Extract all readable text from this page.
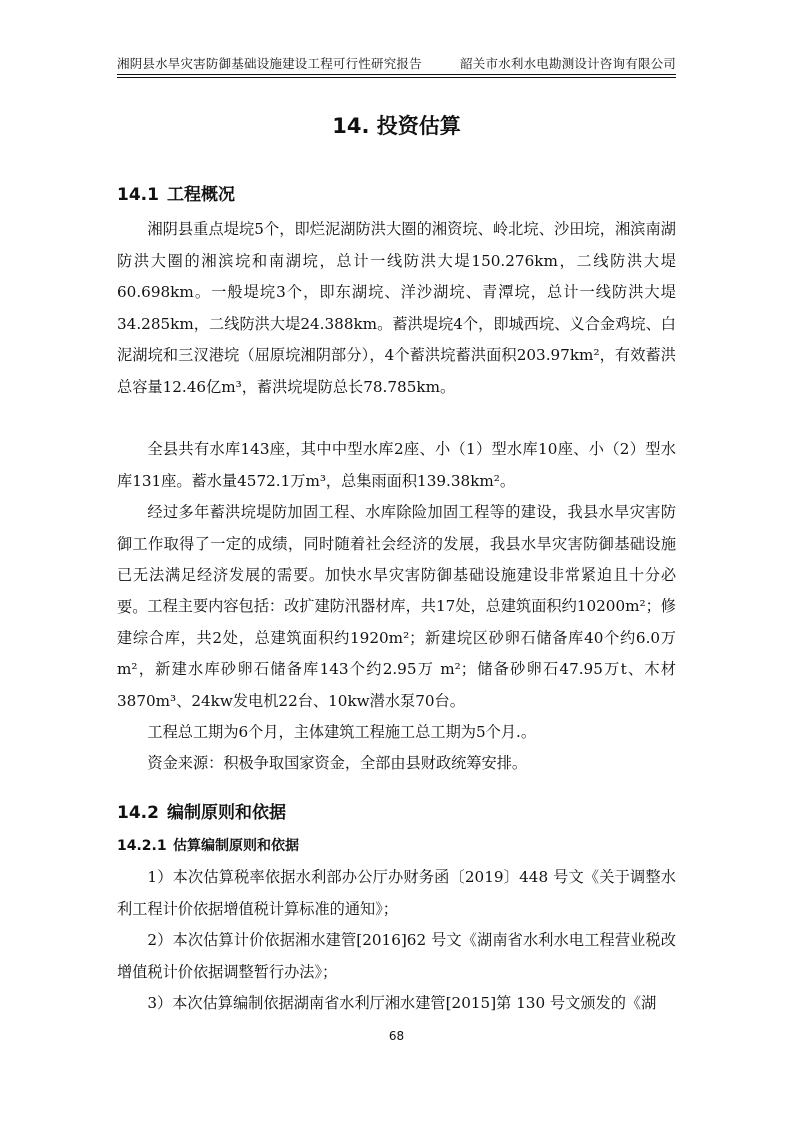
湘阴县水旱灾害防御基础设施建设工程可行性研究报告	韶关市水利水电勘测设计咨询有限公司
14. 投资估算
14.1 工程概况

湘阴县重点堤垸5个，即烂泥湖防洪大圈的湘资垸、岭北垸、沙田垸，湘滨南湖防洪大圈的湘滨垸和南湖垸，总计一线防洪大堤150.276km，二线防洪大堤60.698km。一般堤垸3个，即东湖垸、洋沙湖垸、青潭垸，总计一线防洪大堤34.285km，二线防洪大堤24.388km。蓄洪堤垸4个，即城西垸、义合金鸡垸、白泥湖垸和三汊港垸（屈原垸湘阴部分），4个蓄洪垸蓄洪面积203.97km²，有效蓄洪总容量12.46亿m³，蓄洪垸堤防总长78.785km。

全县共有水库143座，其中中型水库2座、小（1）型水库10座、小（2）型水库131座。蓄水量4572.1万m³，总集雨面积139.38km²。

经过多年蓄洪垸堤防加固工程、水库除险加固工程等的建设，我县水旱灾害防御工作取得了一定的成绩，同时随着社会经济的发展，我县水旱灾害防御基础设施已无法满足经济发展的需要。加快水旱灾害防御基础设施建设非常紧迫且十分必要。 工程主要内容包括：改扩建防汛器材库，共17处，总建筑面积约10200m²；修建综合库，共2处，总建筑面积约1920m²；新建垸区砂卵石储备库40个约6.0万m²，新建水库砂卵石储备库143个约2.95万 m²；储备砂卵石47.95万t、木材3870m³、24kw发电机22台、10kw潜水泵70台。

工程总工期为6个月，主体建筑工程施工总工期为5个月.。

资金来源：积极争取国家资金，全部由县财政统筹安排。

14.2 编制原则和依据
14.2.1 估算编制原则和依据

1）本次估算税率依据水利部办公厅办财务函〔2019〕448 号文《关于调整水利工程计价依据增值税计算标准的通知》；

2）本次估算计价依据湘水建管[2016]62 号文《湖南省水利水电工程营业税改增值税计价依据调整暂行办法》；

3）本次估算编制依据湖南省水利厅湘水建管[2015]第 130 号文颁发的《湖

68
